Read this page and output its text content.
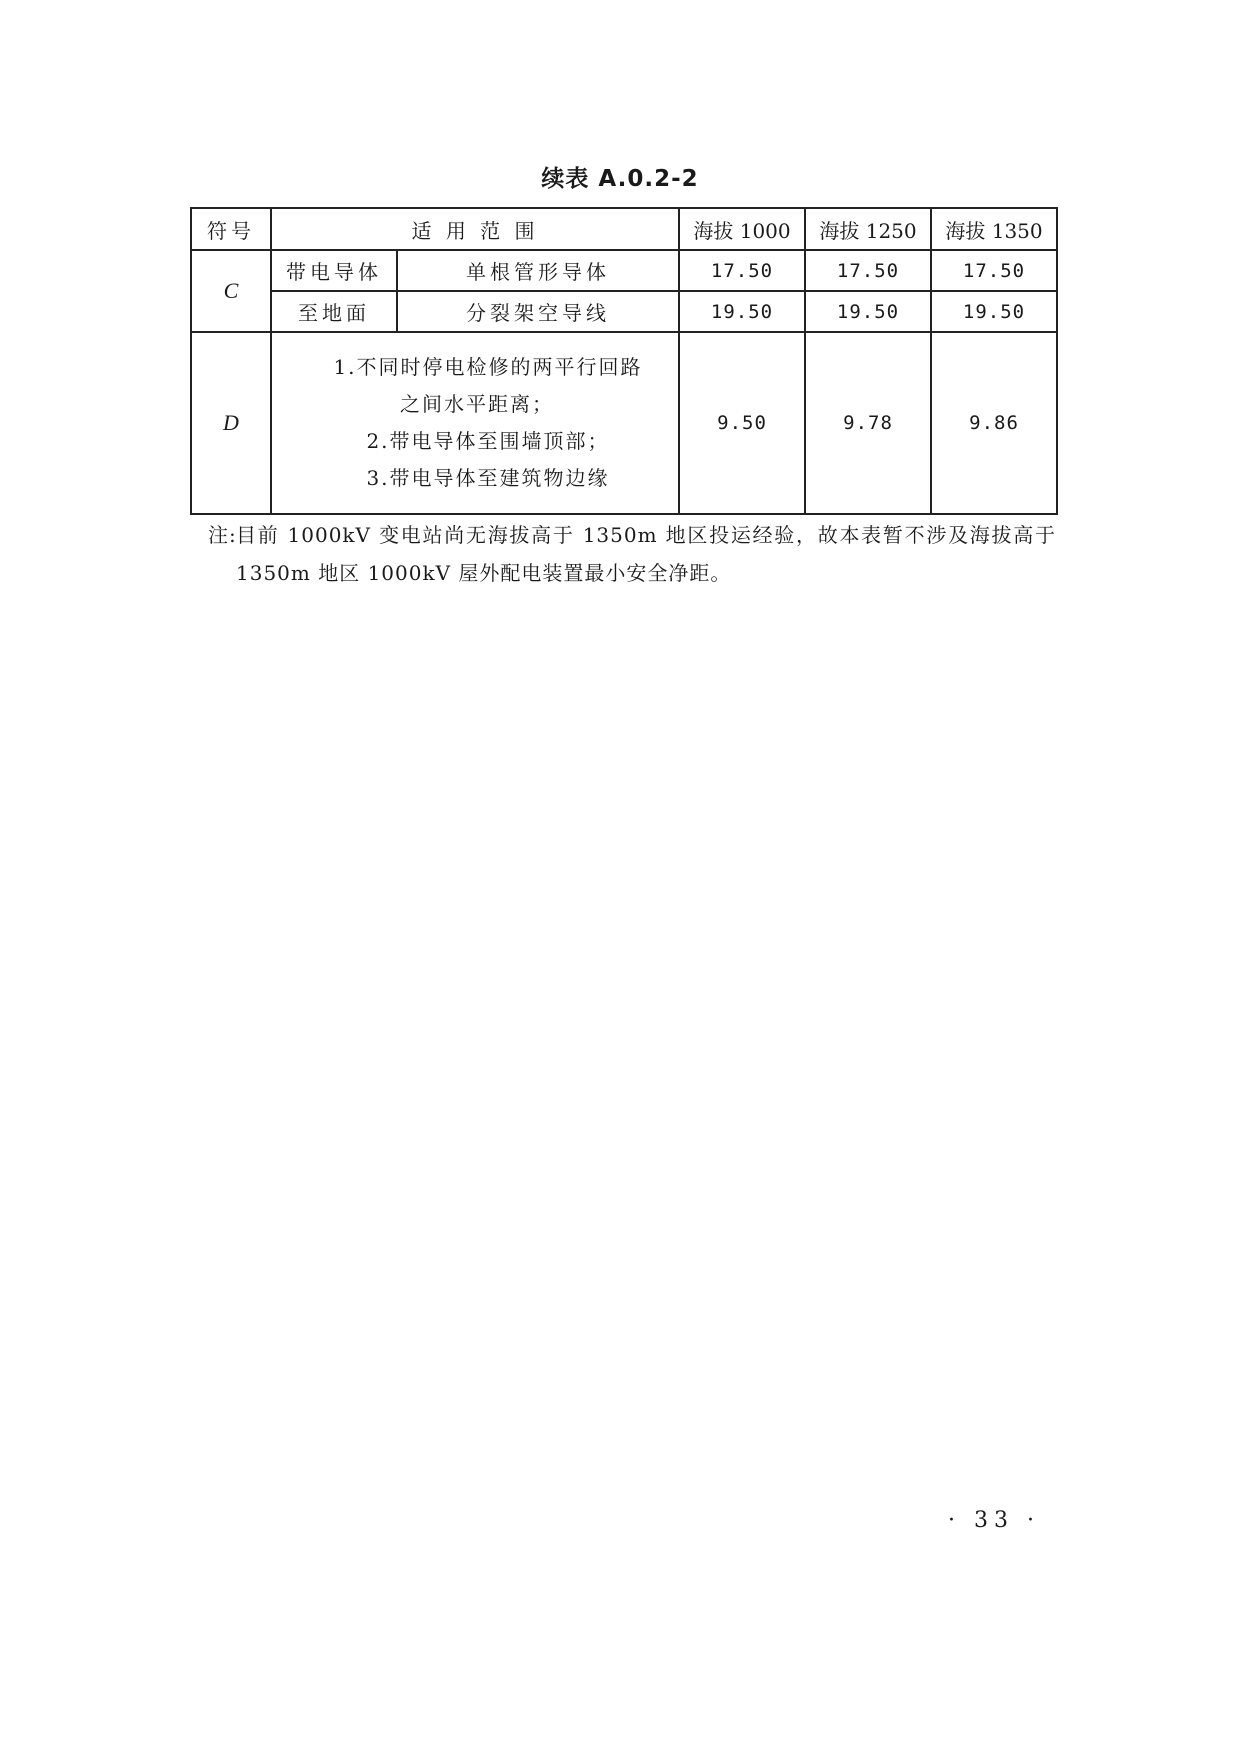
续表 A.0.2-2
符号	适 用 范 围		海拔 1000	海拔 1250	海拔 1350
C	带电导体	单根管形导体	17.50	17.50	17.50
	至地面	分裂架空导线	19.50	19.50	19.50
D	1.不同时停电检修的两平行回路
之间水平距离；
2.带电导体至围墙顶部；
3.带电导体至建筑物边缘		9.50	9.78	9.86
注: 目前 1000kV 变电站尚无海拔高于 1350m 地区投运经验，故本表暂不涉及海拔高于 1350m 地区 1000kV 屋外配电装置最小安全净距。
· 33 ·
